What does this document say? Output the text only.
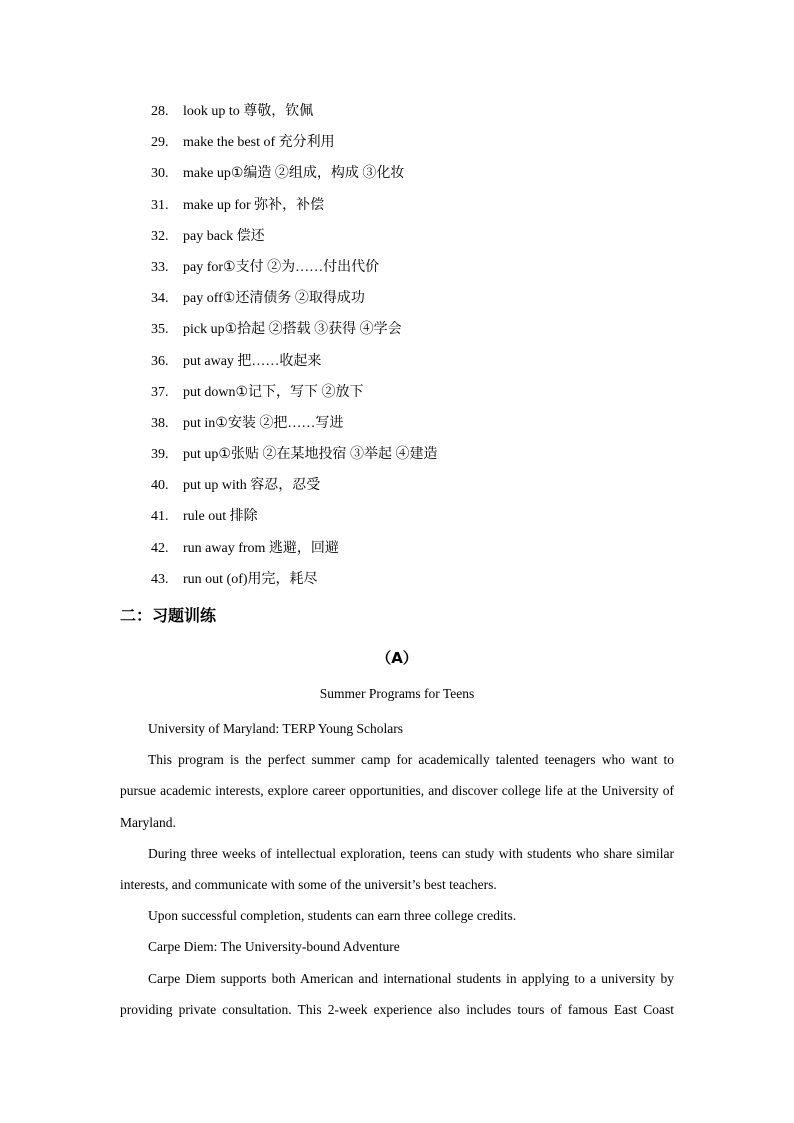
28. look up to 尊敬，钦佩
29. make the best of 充分利用
30. make up①编造 ②组成，构成 ③化妆
31. make up for 弥补，补偿
32. pay back 偿还
33. pay for①支付 ②为……付出代价
34. pay off①还清债务 ②取得成功
35. pick up①拾起 ②搭载 ③获得 ④学会
36. put away 把……收起来
37. put down①记下，写下 ②放下
38. put in①安装 ②把……写进
39. put up①张贴 ②在某地投宿 ③举起 ④建造
40. put up with 容忍，忍受
41. rule out 排除
42. run away from 逃避，回避
43. run out (of)用完，耗尽
二：习题训练
（A）
Summer Programs for Teens

University of Maryland: TERP Young Scholars

This program is the perfect summer camp for academically talented teenagers who want to pursue academic interests, explore career opportunities, and discover college life at the University of Maryland.

During three weeks of intellectual exploration, teens can study with students who share similar interests, and communicate with some of the universit’s best teachers.

Upon successful completion, students can earn three college credits.

Carpe Diem: The University-bound Adventure

Carpe Diem supports both American and international students in applying to a university by providing private consultation. This 2-week experience also includes tours of famous East Coast
